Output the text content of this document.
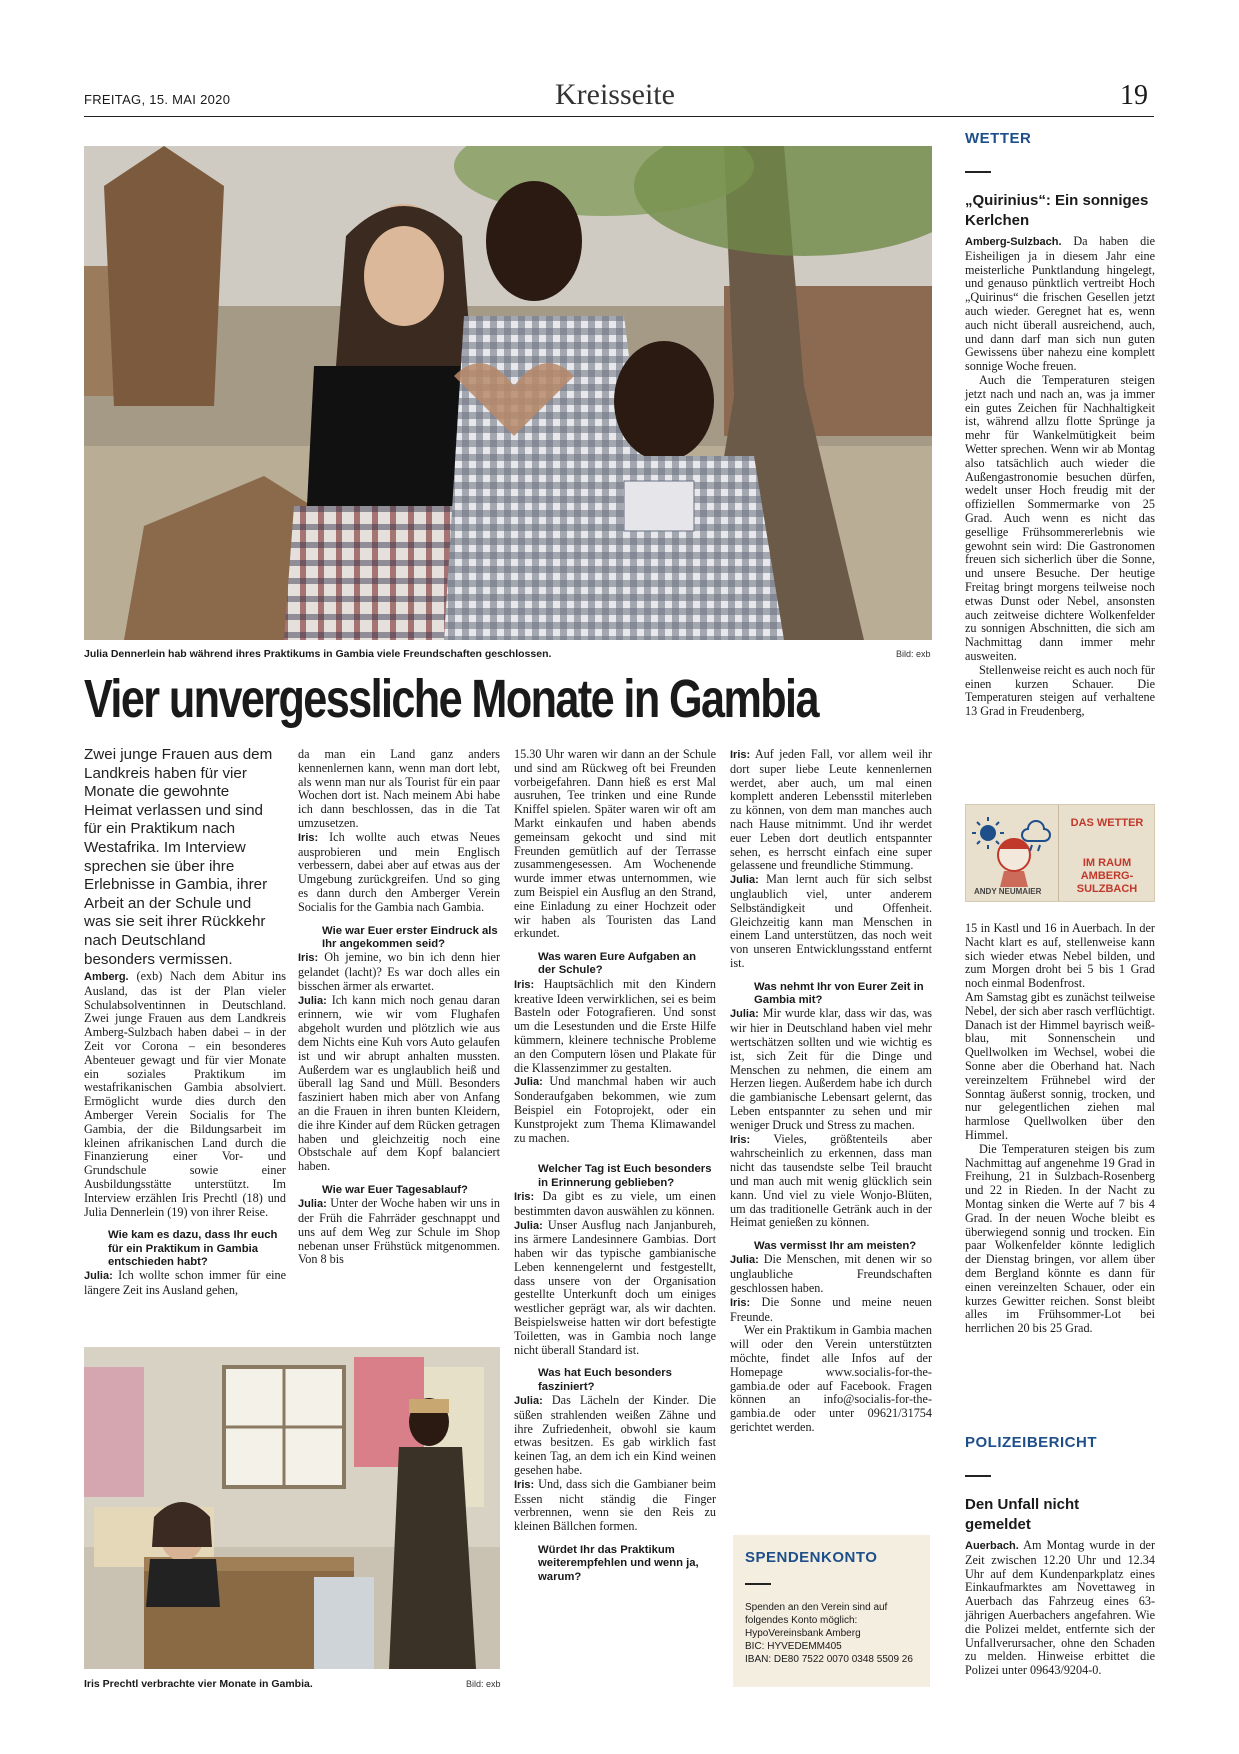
FREITAG, 15. MAI 2020	Kreisseite	19
Julia Dennerlein hab während ihres Praktikums in Gambia viele Freundschaften geschlossen.	Bild: exb
Vier unvergessliche Monate in Gambia
Zwei junge Frauen aus dem Landkreis haben für vier Monate die gewohnte Heimat verlassen und sind für ein Praktikum nach Westafrika. Im Interview sprechen sie über ihre Erlebnisse in Gambia, ihrer Arbeit an der Schule und was sie seit ihrer Rückkehr nach Deutschland besonders vermissen.

Amberg. (exb) Nach dem Abitur ins Ausland, das ist der Plan vieler Schulabsolventinnen in Deutschland. Zwei junge Frauen aus dem Landkreis Amberg-Sulzbach haben dabei – in der Zeit vor Corona – ein besonderes Abenteuer gewagt und für vier Monate ein soziales Praktikum im westafrikanischen Gambia absolviert. Ermöglicht wurde dies durch den Amberger Verein Socialis for The Gambia, der die Bildungsarbeit im kleinen afrikanischen Land durch die Finanzierung einer Vor- und Grundschule sowie einer Ausbildungsstätte unterstützt. Im Interview erzählen Iris Prechtl (18) und Julia Dennerlein (19) von ihrer Reise.

Wie kam es dazu, dass Ihr euch für ein Praktikum in Gambia entschieden habt?

Julia: Ich wollte schon immer für eine längere Zeit ins Ausland gehen,

da man ein Land ganz anders kennenlernen kann, wenn man dort lebt, als wenn man nur als Tourist für ein paar Wochen dort ist. Nach meinem Abi habe ich dann beschlossen, das in die Tat umzusetzen.

Iris: Ich wollte auch etwas Neues ausprobieren und mein Englisch verbessern, dabei aber auf etwas aus der Umgebung zurückgreifen. Und so ging es dann durch den Amberger Verein Socialis for the Gambia nach Gambia.

Wie war Euer erster Eindruck als Ihr angekommen seid?

Iris: Oh jemine, wo bin ich denn hier gelandet (lacht)? Es war doch alles ein bisschen ärmer als erwartet.

Julia: Ich kann mich noch genau daran erinnern, wie wir vom Flughafen abgeholt wurden und plötzlich wie aus dem Nichts eine Kuh vors Auto gelaufen ist und wir abrupt anhalten mussten. Außerdem war es unglaublich heiß und überall lag Sand und Müll. Besonders fasziniert haben mich aber von Anfang an die Frauen in ihren bunten Kleidern, die ihre Kinder auf dem Rücken getragen haben und gleichzeitig noch eine Obstschale auf dem Kopf balanciert haben.

Wie war Euer Tagesablauf?

Julia: Unter der Woche haben wir uns in der Früh die Fahrräder geschnappt und uns auf dem Weg zur Schule im Shop nebenan unser Frühstück mitgenommen. Von 8 bis

15.30 Uhr waren wir dann an der Schule und sind am Rückweg oft bei Freunden vorbeigefahren. Dann hieß es erst Mal ausruhen, Tee trinken und eine Runde Kniffel spielen. Später waren wir oft am Markt einkaufen und haben abends gemeinsam gekocht und sind mit Freunden gemütlich auf der Terrasse zusammengesessen. Am Wochenende wurde immer etwas unternommen, wie zum Beispiel ein Ausflug an den Strand, eine Einladung zu einer Hochzeit oder wir haben als Touristen das Land erkundet.

Was waren Eure Aufgaben an der Schule?

Iris: Hauptsächlich mit den Kindern kreative Ideen verwirklichen, sei es beim Basteln oder Fotografieren. Und sonst um die Lesestunden und die Erste Hilfe kümmern, kleinere technische Probleme an den Computern lösen und Plakate für die Klassenzimmer zu gestalten.

Julia: Und manchmal haben wir auch Sonderaufgaben bekommen, wie zum Beispiel ein Fotoprojekt, oder ein Kunstprojekt zum Thema Klimawandel zu machen.

Welcher Tag ist Euch besonders in Erinnerung geblieben?

Iris: Da gibt es zu viele, um einen bestimmten davon auswählen zu können.

Julia: Unser Ausflug nach Janjanbureh, ins ärmere Landesinnere Gambias. Dort haben wir das typische gambianische Leben kennengelernt und festgestellt, dass unsere von der Organisation gestellte Unterkunft doch um einiges westlicher geprägt war, als wir dachten. Beispielsweise hatten wir dort befestigte Toiletten, was in Gambia noch lange nicht überall Standard ist.

Was hat Euch besonders fasziniert?

Julia: Das Lächeln der Kinder. Die süßen strahlenden weißen Zähne und ihre Zufriedenheit, obwohl sie kaum etwas besitzen. Es gab wirklich fast keinen Tag, an dem ich ein Kind weinen gesehen habe.

Iris: Und, dass sich die Gambianer beim Essen nicht ständig die Finger verbrennen, wenn sie den Reis zu kleinen Bällchen formen.

Würdet Ihr das Praktikum weiterempfehlen und wenn ja, warum?

Iris: Auf jeden Fall, vor allem weil ihr dort super liebe Leute kennenlernen werdet, aber auch, um mal einen komplett anderen Lebensstil miterleben zu können, von dem man manches auch nach Hause mitnimmt. Und ihr werdet euer Leben dort deutlich entspannter sehen, es herrscht einfach eine super gelassene und freundliche Stimmung.

Julia: Man lernt auch für sich selbst unglaublich viel, unter anderem Selbständigkeit und Offenheit. Gleichzeitig kann man Menschen in einem Land unterstützen, das noch weit von unseren Entwicklungsstand entfernt ist.

Was nehmt Ihr von Eurer Zeit in Gambia mit?

Julia: Mir wurde klar, dass wir das, was wir hier in Deutschland haben viel mehr wertschätzen sollten und wie wichtig es ist, sich Zeit für die Dinge und Menschen zu nehmen, die einem am Herzen liegen. Außerdem habe ich durch die gambianische Lebensart gelernt, das Leben entspannter zu sehen und mir weniger Druck und Stress zu machen.

Iris: Vieles, größtenteils aber wahrscheinlich zu erkennen, dass man nicht das tausendste selbe Teil braucht und man auch mit wenig glücklich sein kann. Und viel zu viele Wonjo-Blüten, um das traditionelle Getränk auch in der Heimat genießen zu können.

Was vermisst Ihr am meisten?

Julia: Die Menschen, mit denen wir so unglaubliche Freundschaften geschlossen haben.

Iris: Die Sonne und meine neuen Freunde.

Wer ein Praktikum in Gambia machen will oder den Verein unterstützten möchte, findet alle Infos auf der Homepage www.socialis-for-the-gambia.de oder auf Facebook. Fragen können an info@socialis-for-the-gambia.de oder unter 09621/31754 gerichtet werden.

SPENDENKONTO
Spenden an den Verein sind auf folgendes Konto möglich:
HypoVereinsbank Amberg
BIC: HYVEDEMM405
IBAN: DE80 7522 0070 0348 5509 26
Iris Prechtl verbrachte vier Monate in Gambia.	Bild: exb
WETTER
„Quirinius“: Ein sonniges Kerlchen

Amberg-Sulzbach. Da haben die Eisheiligen ja in diesem Jahr eine meisterliche Punktlandung hingelegt, und genauso pünktlich vertreibt Hoch „Quirinus“ die frischen Gesellen jetzt auch wieder. Geregnet hat es, wenn auch nicht überall ausreichend, auch, und dann darf man sich nun guten Gewissens über nahezu eine komplett sonnige Woche freuen.

Auch die Temperaturen steigen jetzt nach und nach an, was ja immer ein gutes Zeichen für Nachhaltigkeit ist, während allzu flotte Sprünge ja mehr für Wankelmütigkeit beim Wetter sprechen. Wenn wir ab Montag also tatsächlich auch wieder die Außengastronomie besuchen dürfen, wedelt unser Hoch freudig mit der offiziellen Sommermarke von 25 Grad. Auch wenn es nicht das gesellige Frühsommererlebnis wie gewohnt sein wird: Die Gastronomen freuen sich sicherlich über die Sonne, und unsere Besuche. Der heutige Freitag bringt morgens teilweise noch etwas Dunst oder Nebel, ansonsten auch zeitweise dichtere Wolkenfelder zu sonnigen Abschnitten, die sich am Nachmittag dann immer mehr ausweiten.

Stellenweise reicht es auch noch für einen kurzen Schauer. Die Temperaturen steigen auf verhaltene 13 Grad in Freudenberg,

ANDY NEUMAIER
DAS WETTER
IM RAUM AMBERG-SULZBACH

15 in Kastl und 16 in Auerbach. In der Nacht klart es auf, stellenweise kann sich wieder etwas Nebel bilden, und zum Morgen droht bei 5 bis 1 Grad noch einmal Bodenfrost.

Am Samstag gibt es zunächst teilweise Nebel, der sich aber rasch verflüchtigt. Danach ist der Himmel bayrisch weiß- blau, mit Sonnenschein und Quellwolken im Wechsel, wobei die Sonne aber die Oberhand hat. Nach vereinzeltem Frühnebel wird der Sonntag äußerst sonnig, trocken, und nur gelegentlichen ziehen mal harmlose Quellwolken über den Himmel.

Die Temperaturen steigen bis zum Nachmittag auf angenehme 19 Grad in Freihung, 21 in Sulzbach-Rosenberg und 22 in Rieden. In der Nacht zu Montag sinken die Werte auf 7 bis 4 Grad. In der neuen Woche bleibt es überwiegend sonnig und trocken. Ein paar Wolkenfelder könnte lediglich der Dienstag bringen, vor allem über dem Bergland könnte es dann für einen vereinzelten Schauer, oder ein kurzes Gewitter reichen. Sonst bleibt alles im Frühsommer-Lot bei herrlichen 20 bis 25 Grad.

POLIZEIBERICHT
Den Unfall nicht gemeldet

Auerbach. Am Montag wurde in der Zeit zwischen 12.20 Uhr und 12.34 Uhr auf dem Kundenparkplatz eines Einkaufmarktes am Novettaweg in Auerbach das Fahrzeug eines 63-jährigen Auerbachers angefahren. Wie die Polizei meldet, entfernte sich der Unfallverursacher, ohne den Schaden zu melden. Hinweise erbittet die Polizei unter 09643/9204-0.
